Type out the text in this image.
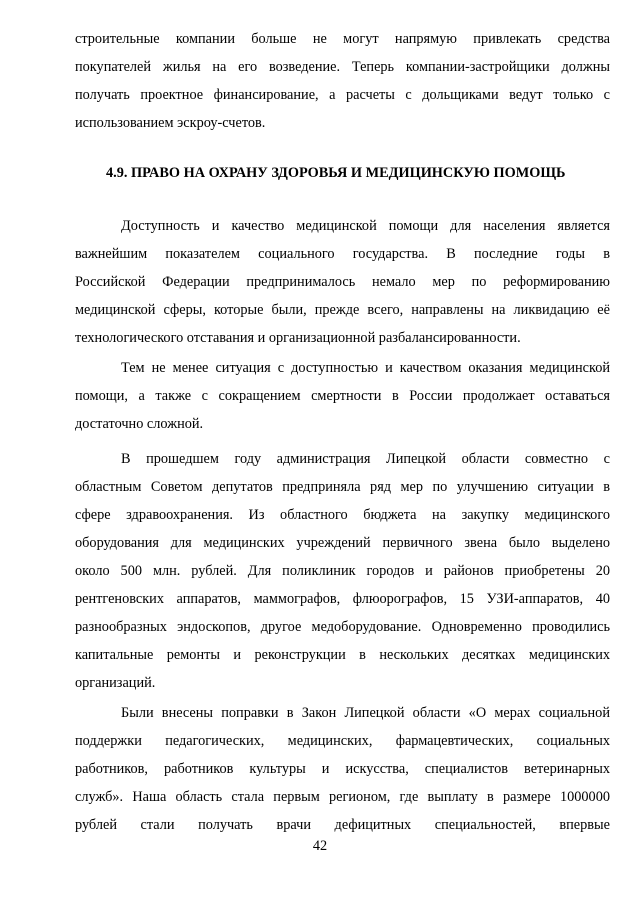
строительные компании больше не могут напрямую привлекать средства
покупателей жилья на его возведение. Теперь компании-застройщики должны
получать проектное финансирование, а расчеты с дольщиками ведут только с
использованием эскроу-счетов.
4.9. ПРАВО НА ОХРАНУ ЗДОРОВЬЯ И МЕДИЦИНСКУЮ ПОМОЩЬ
Доступность и качество медицинской помощи для населения является
важнейшим показателем социального государства. В последние годы в
Российской Федерации предпринималось немало мер по реформированию
медицинской сферы, которые были, прежде всего, направлены на ликвидацию её
технологического отставания и организационной разбалансированности.
Тем не менее ситуация с доступностью и качеством оказания медицинской
помощи, а также с сокращением смертности в России продолжает оставаться
достаточно сложной.
В прошедшем году администрация Липецкой области совместно с
областным Советом депутатов предприняла ряд мер по улучшению ситуации в
сфере здравоохранения. Из областного бюджета на закупку медицинского
оборудования для медицинских учреждений первичного звена было выделено
около 500 млн. рублей. Для поликлиник городов и районов приобретены 20
рентгеновских аппаратов, маммографов, флюорографов, 15 УЗИ-аппаратов, 40
разнообразных эндоскопов, другое медоборудование. Одновременно проводились
капитальные ремонты и реконструкции в нескольких десятках медицинских
организаций.
Были внесены поправки в Закон Липецкой области «О мерах социальной
поддержки педагогических, медицинских, фармацевтических, социальных
работников, работников культуры и искусства, специалистов ветеринарных
служб». Наша область стала первым регионом, где выплату в размере 1000000
рублей стали получать врачи дефицитных специальностей, впервые
42
